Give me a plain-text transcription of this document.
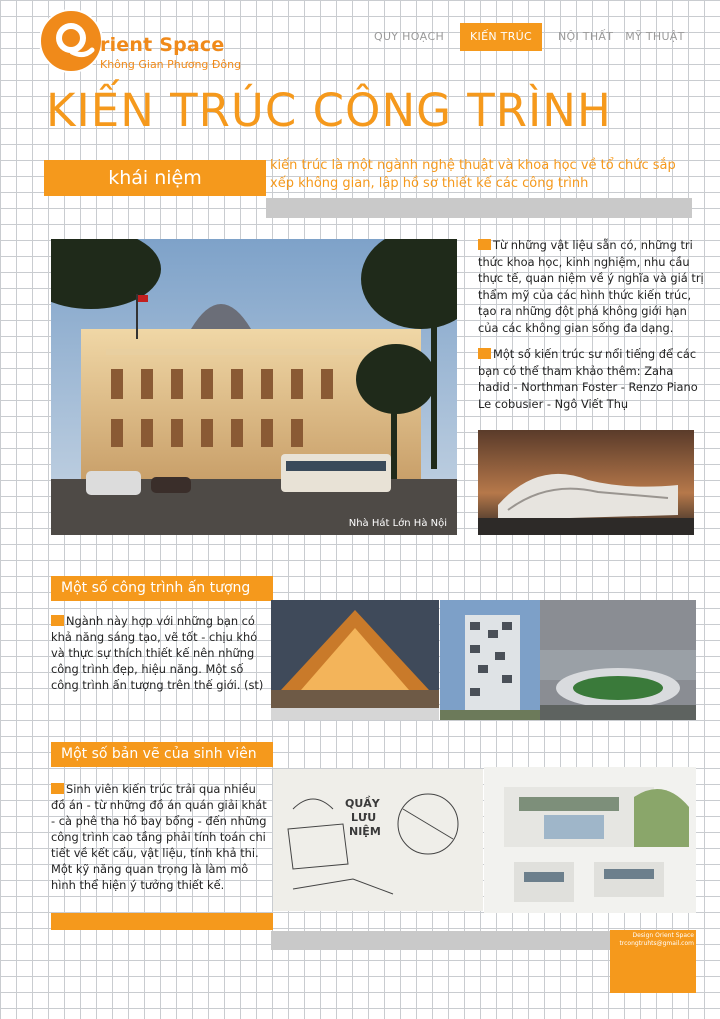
rient Space
Không Gian Phương Đông
QUY HOẠCH	KIẾN TRÚC	NỘI THẤT	MỸ THUẬT
KIẾN TRÚC CÔNG TRÌNH
khái niệm
kiến trúc là một ngành nghệ thuật và khoa học về tổ chức sắp xếp không gian, lập hồ sơ thiết kế các công trình
Nhà Hát Lớn Hà Nội

Từ những vật liệu sẵn có, những tri thức khoa học, kinh nghiệm, nhu cầu thực tế, quan niệm về ý nghĩa và giá trị thẩm mỹ của các hình thức kiến trúc, tạo ra những đột phá không giới hạn của các không gian sống đa dạng.

Một số kiến trúc sư nổi tiếng để các bạn có thể tham khảo thêm: Zaha hadid - Northman Foster - Renzo Piano Le cobusier - Ngô Viết Thụ

Một số công trình ấn tượng
Ngành này hợp với những bạn có khả năng sáng tạo, vẽ tốt - chịu khó và thực sự thích thiết kế nên những công trình đẹp, hiệu năng. Một số công trình ấn tượng trên thế giới. (st)
Một số bản vẽ của sinh viên
Sinh viên kiến trúc trải qua nhiều đồ án - từ những đồ án quán giải khát - cà phê tha hồ bay bổng - đến những công trình cao tầng phải tính toán chi tiết về kết cấu, vật liệu, tính khả thi. Một kỹ năng quan trọng là làm mô hình thể hiện ý tưởng thiết kế.
QUẦY
LƯU
NIỆM
Design Orient Space
trcongtruhts@gmail.com
